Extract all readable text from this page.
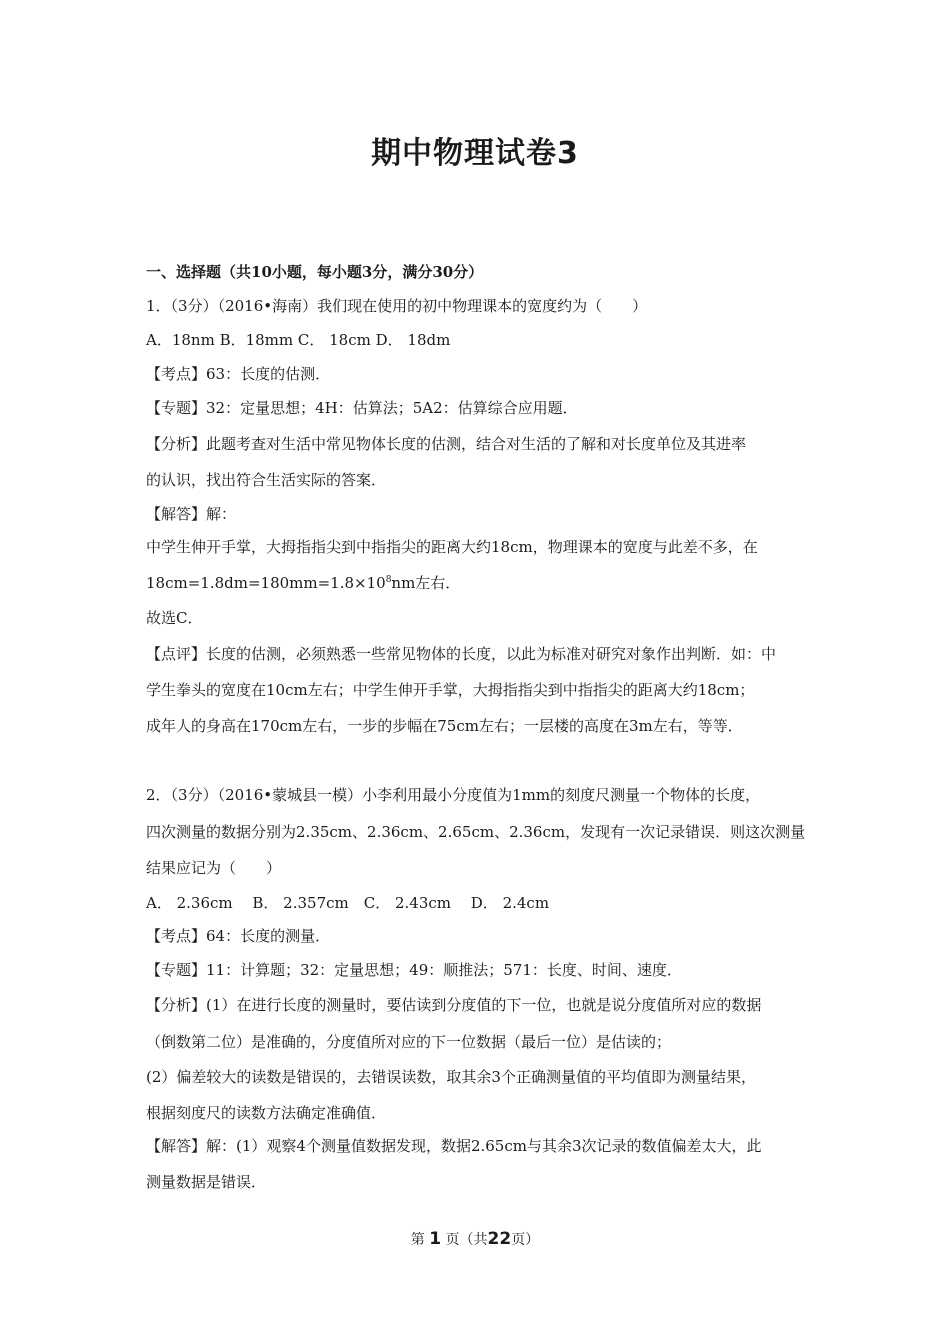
期中物理试卷3
一、选择题（共10小题，每小题3分，满分30分）
1．（3分）（2016•海南）我们现在使用的初中物理课本的宽度约为（　　）
A．18nm B．18mm C． 18cm D． 18dm
【考点】63：长度的估测．
【专题】32：定量思想；4H：估算法；5A2：估算综合应用题．
【分析】此题考查对生活中常见物体长度的估测，结合对生活的了解和对长度单位及其进率
的认识，找出符合生活实际的答案．
【解答】解：
中学生伸开手掌，大拇指指尖到中指指尖的距离大约18cm，物理课本的宽度与此差不多，在
$18cm=1.8dm=180mm=1.8\times 10^8nm$左右．
故选C．
【点评】长度的估测，必须熟悉一些常见物体的长度，以此为标准对研究对象作出判断．如：中
学生拳头的宽度在10cm左右；中学生伸开手掌，大拇指指尖到中指指尖的距离大约18cm；
成年人的身高在170cm左右，一步的步幅在75cm左右；一层楼的高度在3m左右，等等．
2．（3分）（2016•蒙城县一模）小李利用最小分度值为1mm的刻度尺测量一个物体的长度，
四次测量的数据分别为2.35cm、2.36cm、2.65cm、2.36cm，发现有一次记录错误．则这次测量
结果应记为（　　）
A． 2.36cm　 B． 2.357cm　C． 2.43cm　 D． 2.4cm
【考点】64：长度的测量．
【专题】11：计算题；32：定量思想；49：顺推法；571：长度、时间、速度．
【分析】(1）在进行长度的测量时，要估读到分度值的下一位，也就是说分度值所对应的数据
（倒数第二位）是准确的，分度值所对应的下一位数据（最后一位）是估读的；
(2）偏差较大的读数是错误的，去错误读数，取其余3个正确测量值的平均值即为测量结果，
根据刻度尺的读数方法确定准确值．
【解答】解：(1）观察4个测量值数据发现，数据2.65cm与其余3次记录的数值偏差太大，此
测量数据是错误．
第 1 页（共22页）
